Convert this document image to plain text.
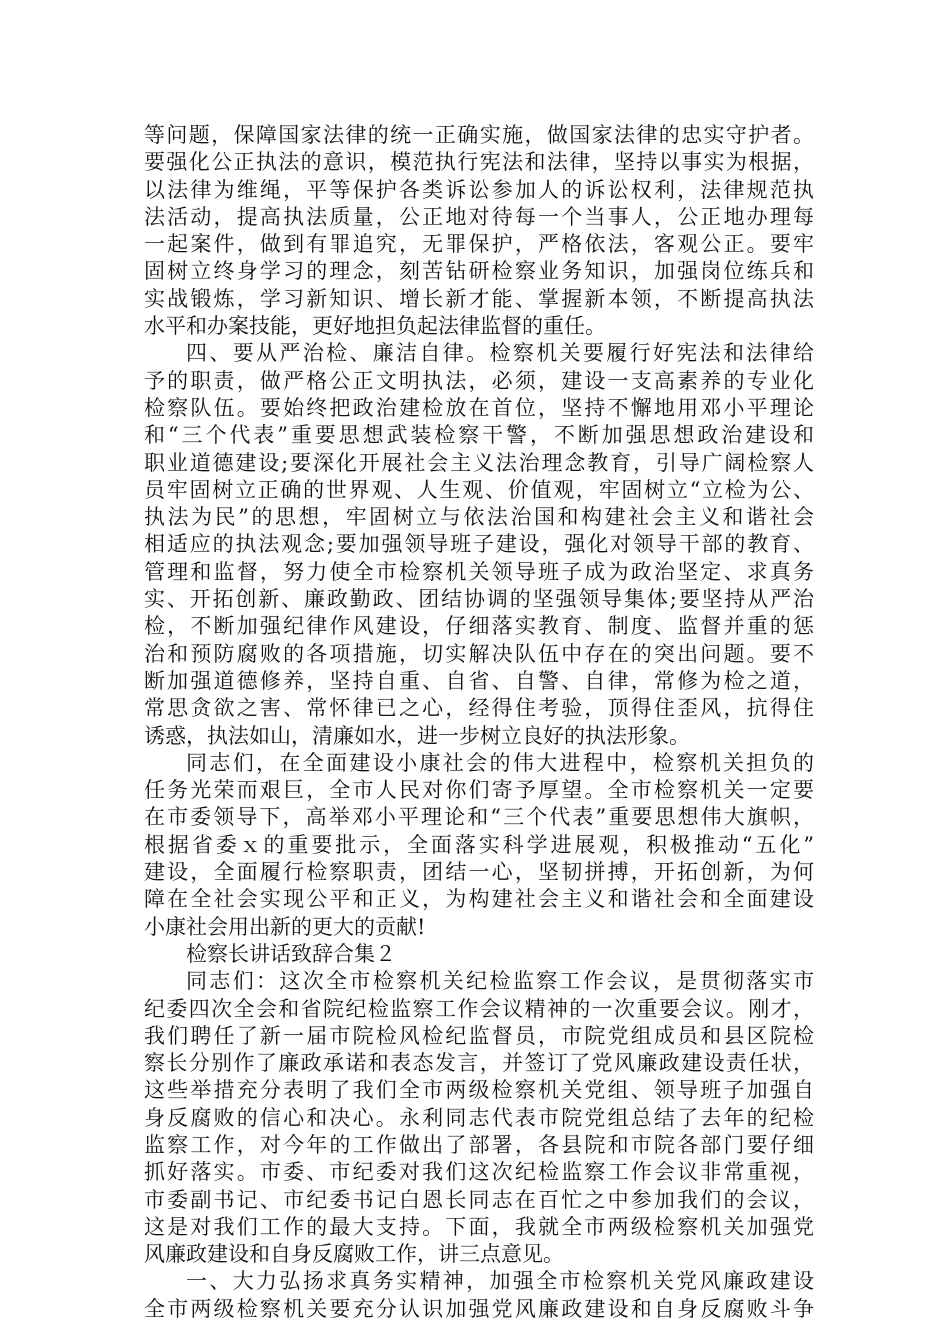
等问题，保障国家法律的统一正确实施，做国家法律的忠实守护者。
要强化公正执法的意识，模范执行宪法和法律，坚持以事实为根据，
以法律为维绳，平等保护各类诉讼参加人的诉讼权利，法律规范执
法活动，提高执法质量，公正地对待每一个当事人，公正地办理每
一起案件，做到有罪追究，无罪保护，严格依法，客观公正。要牢
固树立终身学习的理念，刻苦钻研检察业务知识，加强岗位练兵和
实战锻炼，学习新知识、增长新才能、掌握新本领，不断提高执法
水平和办案技能，更好地担负起法律监督的重任。
四、要从严治检、廉洁自律。检察机关要履行好宪法和法律给
予的职责，做严格公正文明执法，必须，建设一支高素养的专业化
检察队伍。要始终把政治建检放在首位，坚持不懈地用邓小平理论
和“三个代表”重要思想武装检察干警，不断加强思想政治建设和
职业道德建设;要深化开展社会主义法治理念教育，引导广阔检察人
员牢固树立正确的世界观、人生观、价值观，牢固树立“立检为公、
执法为民”的思想，牢固树立与依法治国和构建社会主义和谐社会
相适应的执法观念;要加强领导班子建设，强化对领导干部的教育、
管理和监督，努力使全市检察机关领导班子成为政治坚定、求真务
实、开拓创新、廉政勤政、团结协调的坚强领导集体;要坚持从严治
检，不断加强纪律作风建设，仔细落实教育、制度、监督并重的惩
治和预防腐败的各项措施，切实解决队伍中存在的突出问题。要不
断加强道德修养，坚持自重、自省、自警、自律，常修为检之道，
常思贪欲之害、常怀律已之心，经得住考验，顶得住歪风，抗得住
诱惑，执法如山，清廉如水，进一步树立良好的执法形象。
同志们，在全面建设小康社会的伟大进程中，检察机关担负的
任务光荣而艰巨，全市人民对你们寄予厚望。全市检察机关一定要
在市委领导下，高举邓小平理论和“三个代表”重要思想伟大旗帜，
根据省委ｘ的重要批示，全面落实科学进展观，积极推动“五化”
建设，全面履行检察职责，团结一心，坚韧拼搏，开拓创新，为何
障在全社会实现公平和正义，为构建社会主义和谐社会和全面建设
小康社会用出新的更大的贡献!
检察长讲话致辞合集２
同志们：这次全市检察机关纪检监察工作会议，是贯彻落实市
纪委四次全会和省院纪检监察工作会议精神的一次重要会议。刚才，
我们聘任了新一届市院检风检纪监督员，市院党组成员和县区院检
察长分别作了廉政承诺和表态发言，并签订了党风廉政建设责任状，
这些举措充分表明了我们全市两级检察机关党组、领导班子加强自
身反腐败的信心和决心。永利同志代表市院党组总结了去年的纪检
监察工作，对今年的工作做出了部署，各县院和市院各部门要仔细
抓好落实。市委、市纪委对我们这次纪检监察工作会议非常重视，
市委副书记、市纪委书记白恩长同志在百忙之中参加我们的会议，
这是对我们工作的最大支持。下面，我就全市两级检察机关加强党
风廉政建设和自身反腐败工作，讲三点意见。
一、大力弘扬求真务实精神，加强全市检察机关党风廉政建设
全市两级检察机关要充分认识加强党风廉政建设和自身反腐败斗争
